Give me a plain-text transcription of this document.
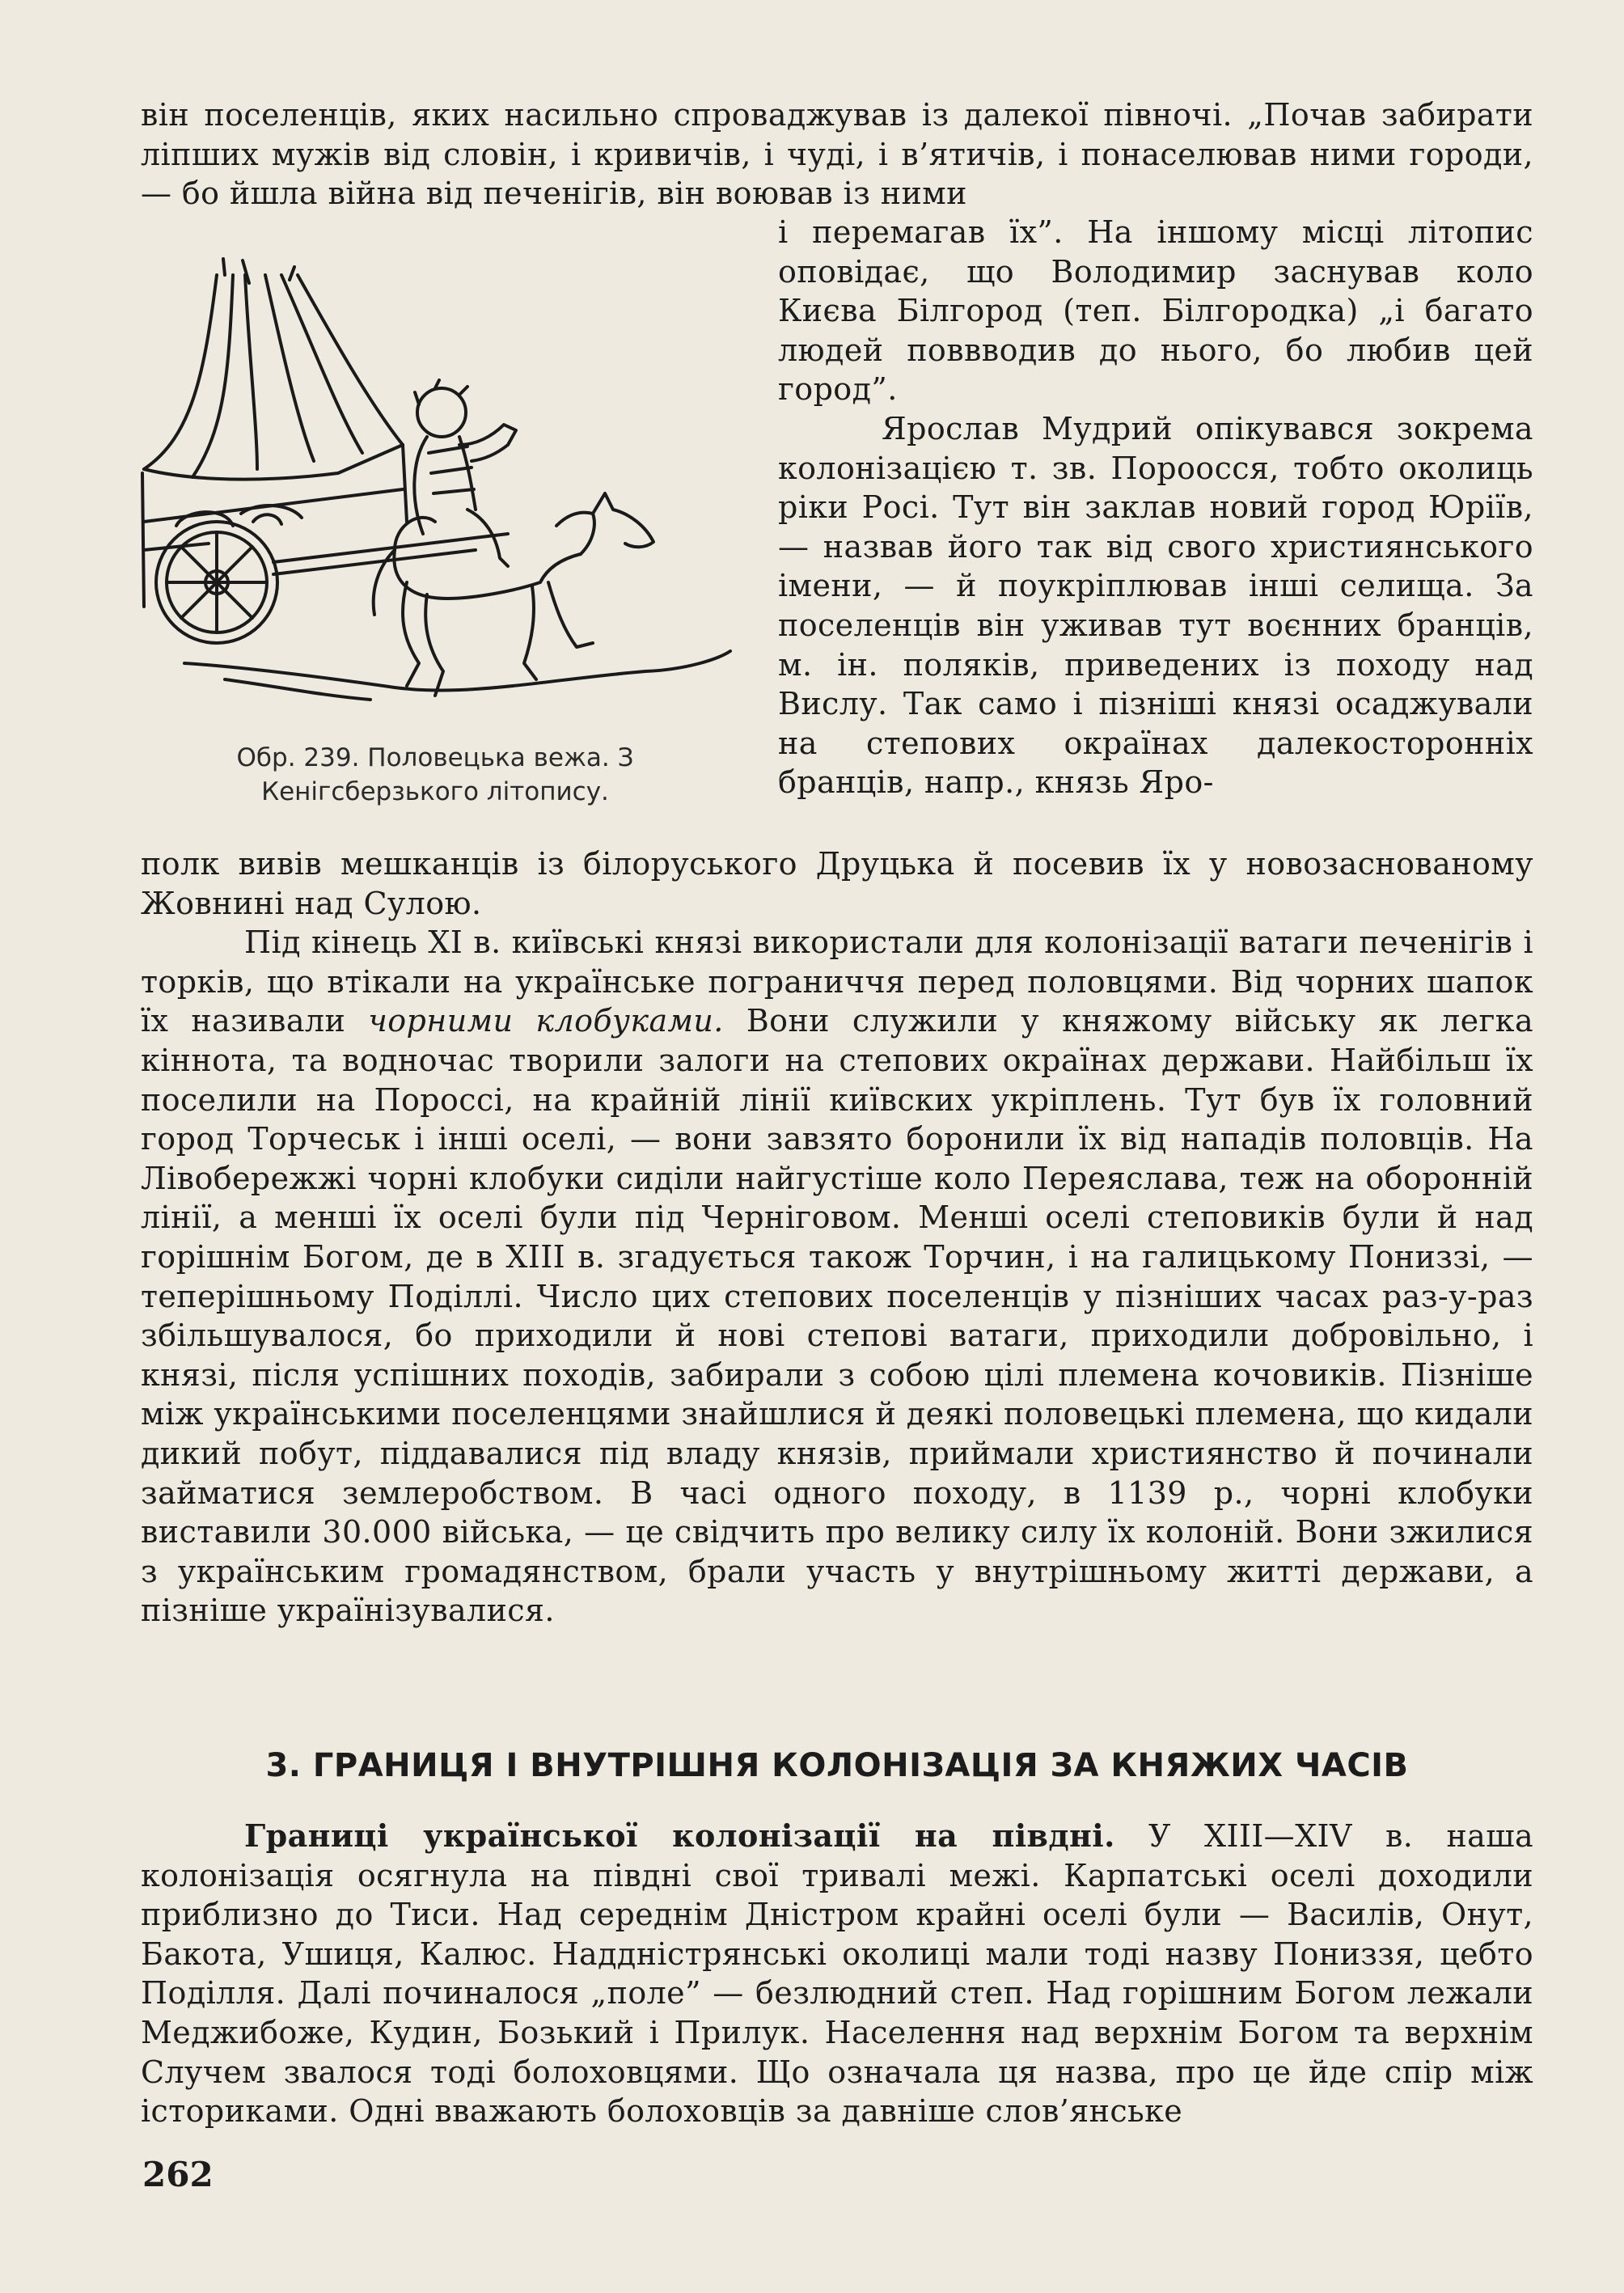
він поселенців, яких насильно спроваджував із далекої півночі. „Почав забирати ліпших мужів від словін, і кривичів, і чуді, і в’ятичів, і понаселював ними городи, — бо йшла війна від печенігів, він воював із ними

Обр. 239. Половецька вежа. З Кенігсберзького літопису.

і перемагав їх”. На іншому місці літопис оповідає, що Володимир заснував коло Києва Білгород (теп. Білгородка) „і багато людей поввводив до нього, бо любив цей город”.

Ярослав Мудрий опікувався зокрема колонізацією т. зв. Пороосся, тобто околиць ріки Росі. Тут він заклав новий город Юріїв, — назвав його так від свого християнського імени, — й поукріплював інші селища. За поселенців він уживав тут воєнних бранців, м. ін. поляків, приведених із походу над Вислу. Так само і пізніші князі осаджували на степових окраїнах далекосторонніх бранців, напр., князь Яро-

полк вивів мешканців із білоруського Друцька й посевив їх у новозаснованому Жовнині над Сулою.

Під кінець XI в. київські князі використали для колонізації ватаги печенігів і торків, що втікали на українське пограниччя перед половцями. Від чорних шапок їх називали чорними клобуками. Вони служили у княжому війську як легка кіннота, та водночас творили залоги на степових окраїнах держави. Найбільш їх поселили на Пороссі, на крайній лінії київских укріплень. Тут був їх головний город Торчеськ і інші оселі, — вони завзято боронили їх від нападів половців. На Лівобережжі чорні клобуки сиділи найгустіше коло Переяслава, теж на оборонній лінії, а менші їх оселі були під Черніговом. Менші оселі степовиків були й над горішнім Богом, де в XIII в. згадується також Торчин, і на галицькому Пониззі, — теперішньому Поділлі. Число цих степових поселенців у пізніших часах раз-у-раз збільшувалося, бо приходили й нові степові ватаги, приходили добровільно, і князі, після успішних походів, забирали з собою цілі племена кочовиків. Пізніше між українськими поселенцями знайшлися й деякі половецькі племена, що кидали дикий побут, піддавалися під владу князів, приймали християнство й починали займатися землеробством. В часі одного походу, в 1139 р., чорні клобуки виставили 30.000 війська, — це свідчить про велику силу їх колоній. Вони зжилися з українським громадянством, брали участь у внутрішньому житті держави, а пізніше українізувалися.

3. ГРАНИЦЯ І ВНУТРІШНЯ КОЛОНІЗАЦІЯ ЗА КНЯЖИХ ЧАСІВ

Границі української колонізації на півдні. У XIII—XIV в. наша колонізація осягнула на півдні свої тривалі межі. Карпатські оселі доходили приблизно до Тиси. Над середнім Дністром крайні оселі були — Василів, Онут, Бакота, Ушиця, Калюс. Наддністрянські околиці мали тоді назву Пониззя, цебто Поділля. Далі починалося „поле” — безлюдний степ. Над горішним Богом лежали Меджибоже, Кудин, Бозький і Прилук. Населення над верхнім Богом та верхнім Случем звалося тоді болоховцями. Що означала ця назва, про це йде спір між істориками. Одні вважають болоховців за давніше слов’янське

262
